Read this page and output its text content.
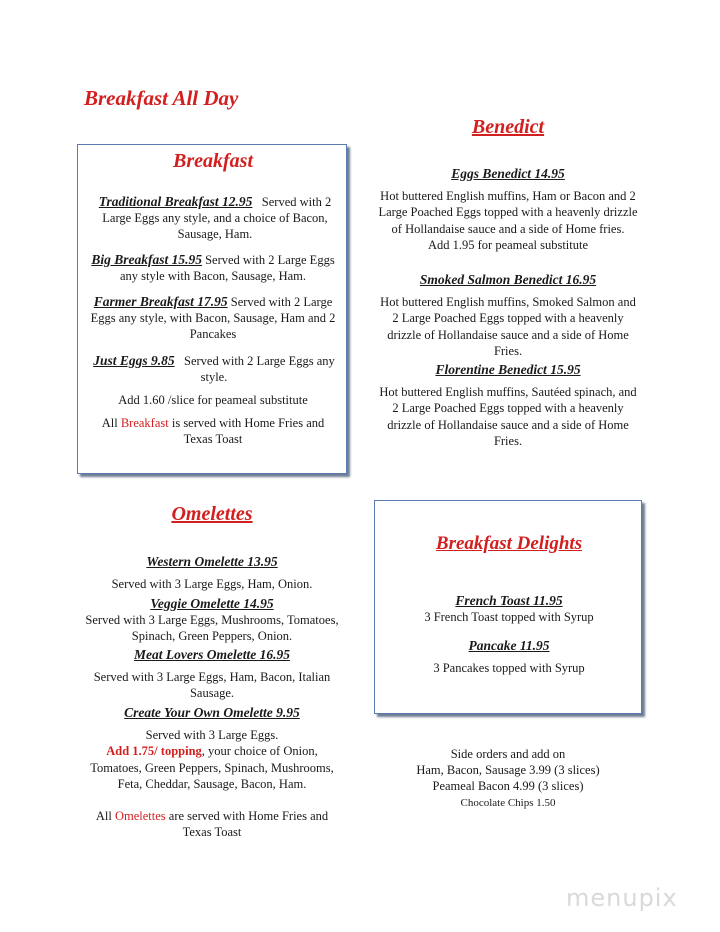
Breakfast All Day
Breakfast
Traditional Breakfast 12.95 Served with 2 Large Eggs any style, and a choice of Bacon, Sausage, Ham.
Big Breakfast 15.95 Served with 2 Large Eggs any style with Bacon, Sausage, Ham.
Farmer Breakfast 17.95 Served with 2 Large Eggs any style, with Bacon, Sausage, Ham and 2 Pancakes
Just Eggs 9.85 Served with 2 Large Eggs any style.
Add 1.60 /slice for peameal substitute
All Breakfast is served with Home Fries and Texas Toast
Benedict
Eggs Benedict 14.95
Hot buttered English muffins, Ham or Bacon and 2 Large Poached Eggs topped with a heavenly drizzle of Hollandaise sauce and a side of Home fries.
Add 1.95 for peameal substitute
Smoked Salmon Benedict 16.95
Hot buttered English muffins, Smoked Salmon and 2 Large Poached Eggs topped with a heavenly drizzle of Hollandaise sauce and a side of Home Fries.
Florentine Benedict 15.95
Hot buttered English muffins, Sautéed spinach, and 2 Large Poached Eggs topped with a heavenly drizzle of Hollandaise sauce and a side of Home Fries.
Omelettes
Western Omelette 13.95
Served with 3 Large Eggs, Ham, Onion.
Veggie Omelette 14.95
Served with 3 Large Eggs, Mushrooms, Tomatoes, Spinach, Green Peppers, Onion.
Meat Lovers Omelette 16.95
Served with 3 Large Eggs, Ham, Bacon, Italian Sausage.
Create Your Own Omelette 9.95
Served with 3 Large Eggs.
Add 1.75/ topping, your choice of Onion, Tomatoes, Green Peppers, Spinach, Mushrooms, Feta, Cheddar, Sausage, Bacon, Ham.
All Omelettes are served with Home Fries and Texas Toast
Breakfast Delights
French Toast 11.95
3 French Toast topped with Syrup
Pancake 11.95
3 Pancakes topped with Syrup
Side orders and add on
Ham, Bacon, Sausage 3.99 (3 slices)
Peameal Bacon 4.99 (3 slices)
Chocolate Chips 1.50
menupix
